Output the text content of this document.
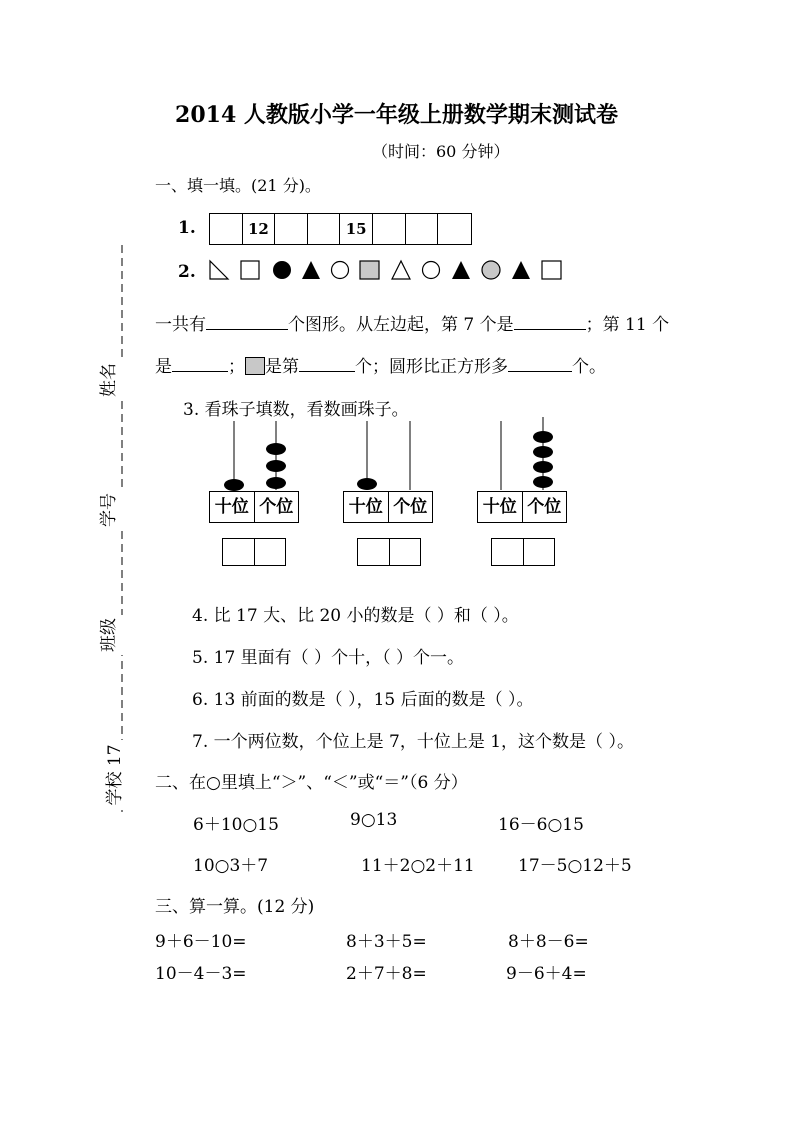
2014 人教版小学一年级上册数学期末测试卷
（时间：60 分钟）
姓名
学号
班级
学校 17
一、填一填。(21 分)。
1.	12	15
2.
一共有	个图形。从左边起，第 7 个是	；第 11 个
是	； 是第	个；圆形比正方形多	个。
3. 看珠子填数，看数画珠子。
十位 个位	十位 个位	十位 个位
4. 比 17 大、比 20 小的数是（ ）和（ ）。
5. 17 里面有（ ）个十，（ ）个一。
6. 13 前面的数是（ ），15 后面的数是（ ）。
7. 一个两位数，个位上是 7，十位上是 1，这个数是（ ）。
二、在○里填上“＞”、“＜”或“＝”（6 分）
6＋10○15	9○13	16－6○15
10○3＋7	11＋2○2＋11	17－5○12＋5
三、算一算。(12 分)
9＋6－10=	8＋3＋5=	8＋8－6=
10－4－3=	2＋7＋8=	9－6＋4=
